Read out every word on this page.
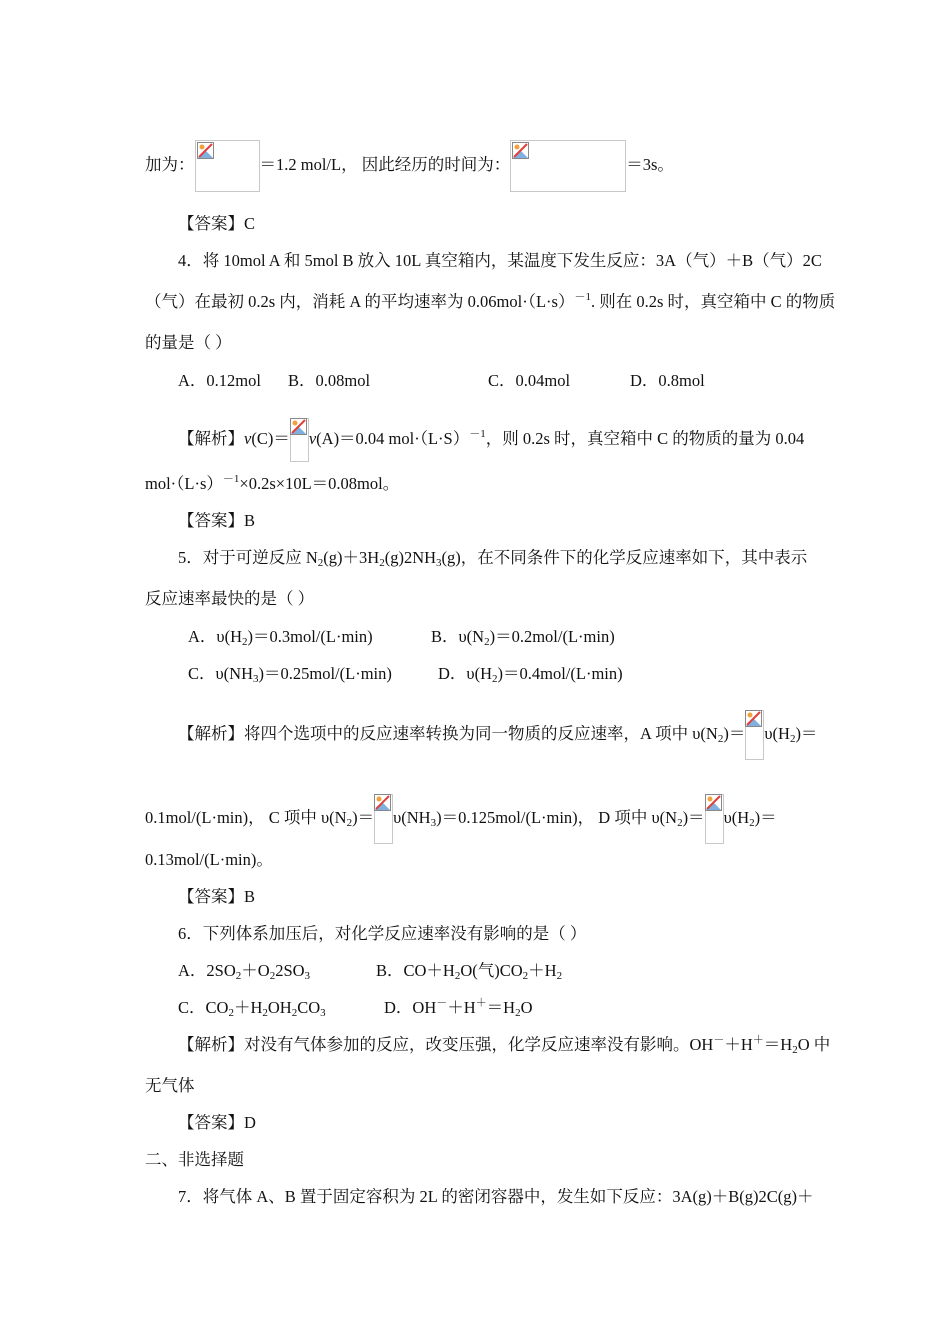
加为：	＝1.2 mol/L， 因此经历的时间为：	＝3s。
【答案】C
4．将 10mol A 和 5mol B 放入 10L 真空箱内，某温度下发生反应：3A（气）＋B（气）2C
（气）在最初 0.2s 内，消耗 A 的平均速率为 $0.06mol\cdot(L\cdot s)^{-1}$. 则在 0.2s 时，真空箱中 C 的物质
的量是（ ）
A．0.12mol B．0.08mol	C．0.04mol	D．0.8mol
【解析】v(C)＝ v(A)＝0.04 $mol\cdot(L\cdot S)^{-1}$，则 0.2s 时，真空箱中 C 的物质的量为 0.04
$mol\cdot(L\cdot s)^{-1}\times 0.2s\times 10L=0.08mol$。
【答案】B
5．对于可逆反应 $N_2(g)+3H_2(g)2NH_3(g)$，在不同条件下的化学反应速率如下，其中表示
反应速率最快的是（ ）
A．$\upsilon(H_2)=0.3mol/(L\cdot\min)$	B．$\upsilon(N_2)=0.2mol/(L\cdot\min)$
C．$\upsilon(NH_3)=0.25mol/(L\cdot\min)$	D．$\upsilon(H_2)=0.4mol/(L\cdot\min)$
【解析】将四个选项中的反应速率转换为同一物质的反应速率，A 项中 $\upsilon(N_2)= \upsilon(H_2)=$
0.1mol/(L·min)， C 项中 $\upsilon(N_2)= \upsilon(NH_3)=0.125mol/(L\cdot\min)$， D 项中 $\upsilon(N_2)= \upsilon(H_2)=$
0.13mol/(L·min)。
【答案】B
6．下列体系加压后，对化学反应速率没有影响的是（ ）
A．$2SO_2+O_22SO_3$	B．$CO+H_2O$(气)$CO_2+H_2$
C．$CO_2+H_2OH_2CO_3$	D．$OH^-+H^+=H_2O$
【解析】对没有气体参加的反应，改变压强，化学反应速率没有影响。$OH^-+H^+=H_2O$ 中
无气体
【答案】D
二、非选择题
7．将气体 A、B 置于固定容积为 2L 的密闭容器中，发生如下反应：3A(g)＋B(g)2C(g)＋
